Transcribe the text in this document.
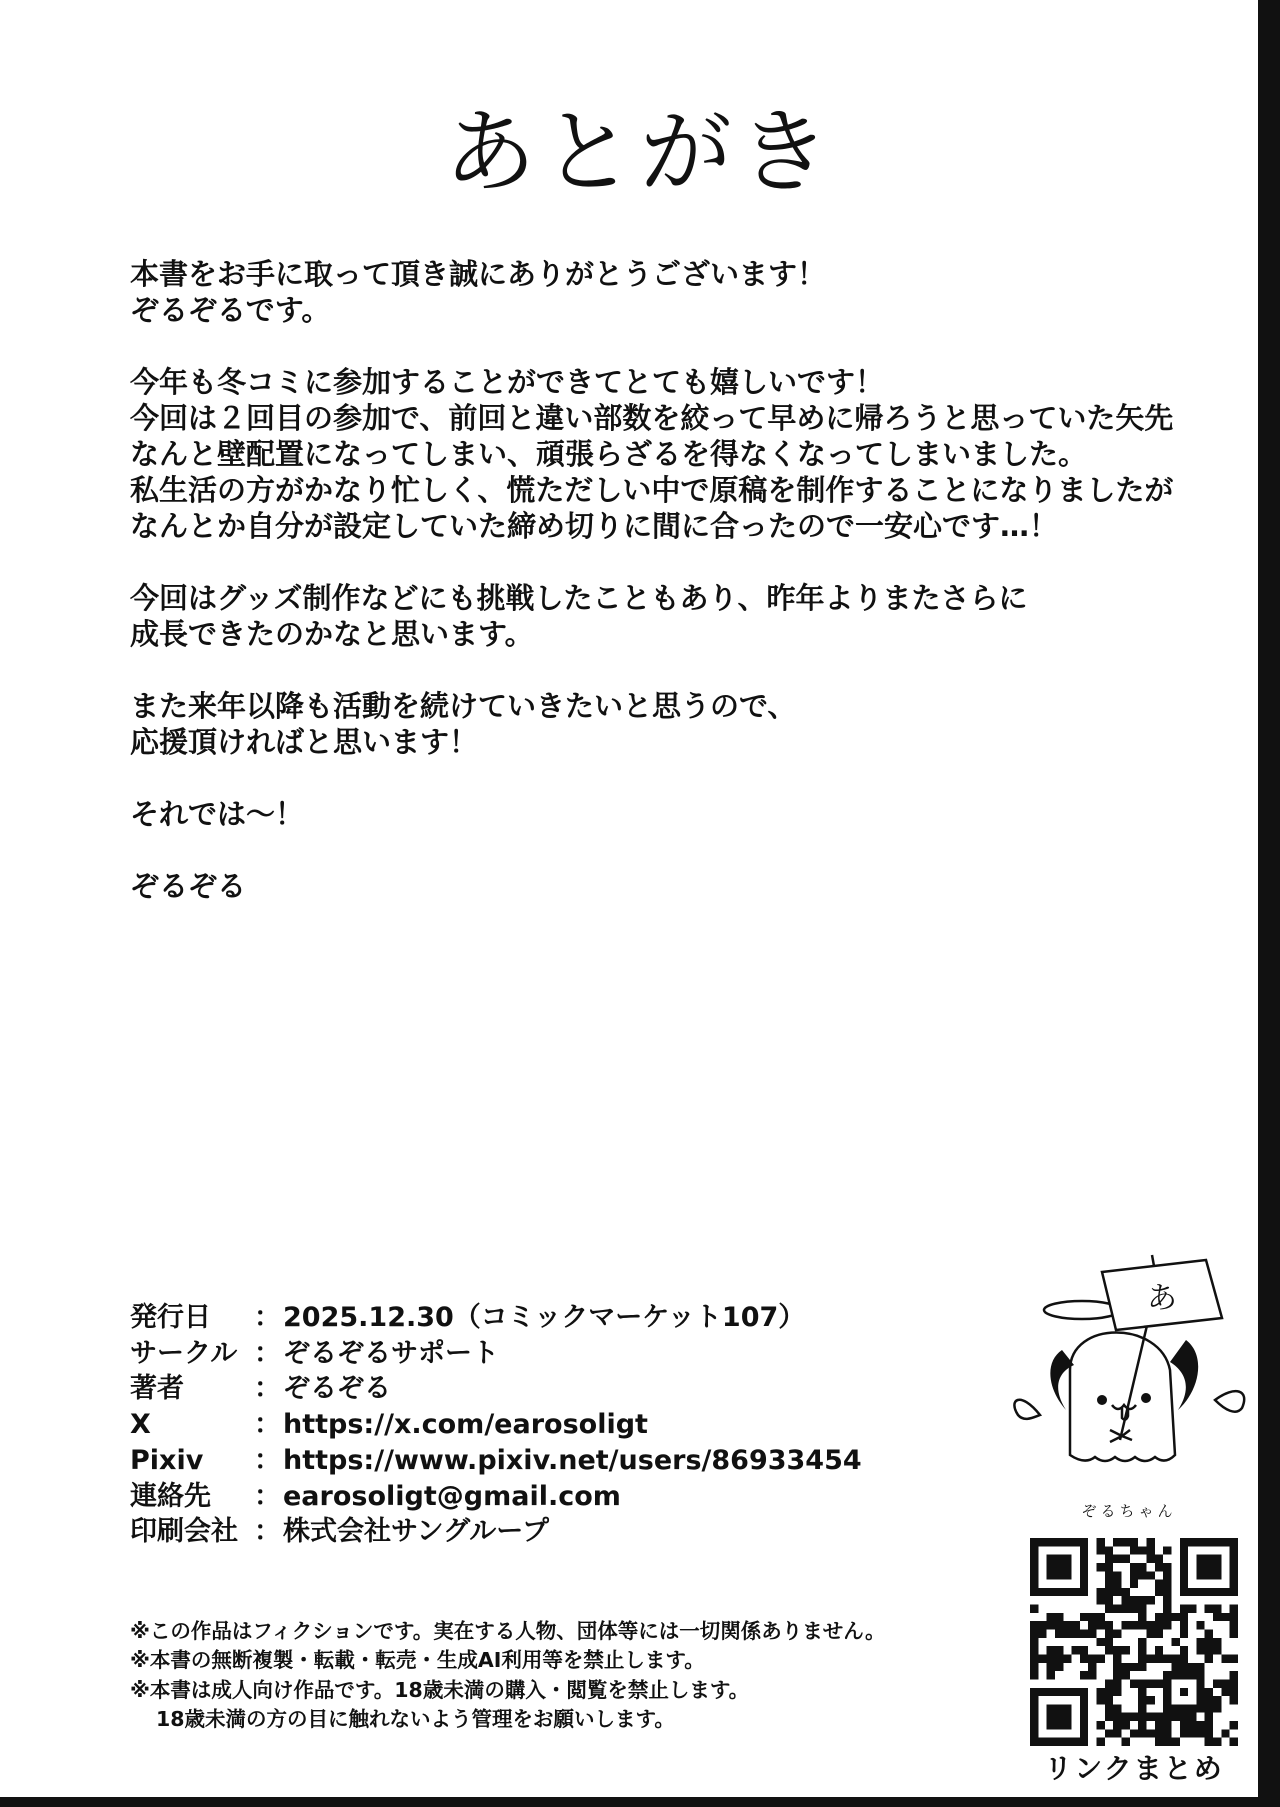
あとがき

本書をお手に取って頂き誠にありがとうございます！

ぞるぞるです。

今年も冬コミに参加することができてとても嬉しいです！

今回は２回目の参加で、前回と違い部数を絞って早めに帰ろうと思っていた矢先

なんと壁配置になってしまい、頑張らざるを得なくなってしまいました。

私生活の方がかなり忙しく、慌ただしい中で原稿を制作することになりましたが

なんとか自分が設定していた締め切りに間に合ったので一安心です…！

今回はグッズ制作などにも挑戦したこともあり、昨年よりまたさらに

成長できたのかなと思います。

また来年以降も活動を続けていきたいと思うので、

応援頂ければと思います！

それでは〜！

ぞるぞる

発行日	： 2025.12.30（コミックマーケット107）
サークル ： ぞるぞるサポート
著者	： ぞるぞる
X	： https://x.com/earosoligt
Pixiv	： https://www.pixiv.net/users/86933454
連絡先	： earosoligt@gmail.com
印刷会社 ： 株式会社サングループ

※この作品はフィクションです。実在する人物、団体等には一切関係ありません。

※本書の無断複製・転載・転売・生成AI利用等を禁止します。

※本書は成人向け作品です。18歳未満の購入・閲覧を禁止します。

18歳未満の方の目に触れないよう管理をお願いします。

あ
ぞるちゃん
リンクまとめ
